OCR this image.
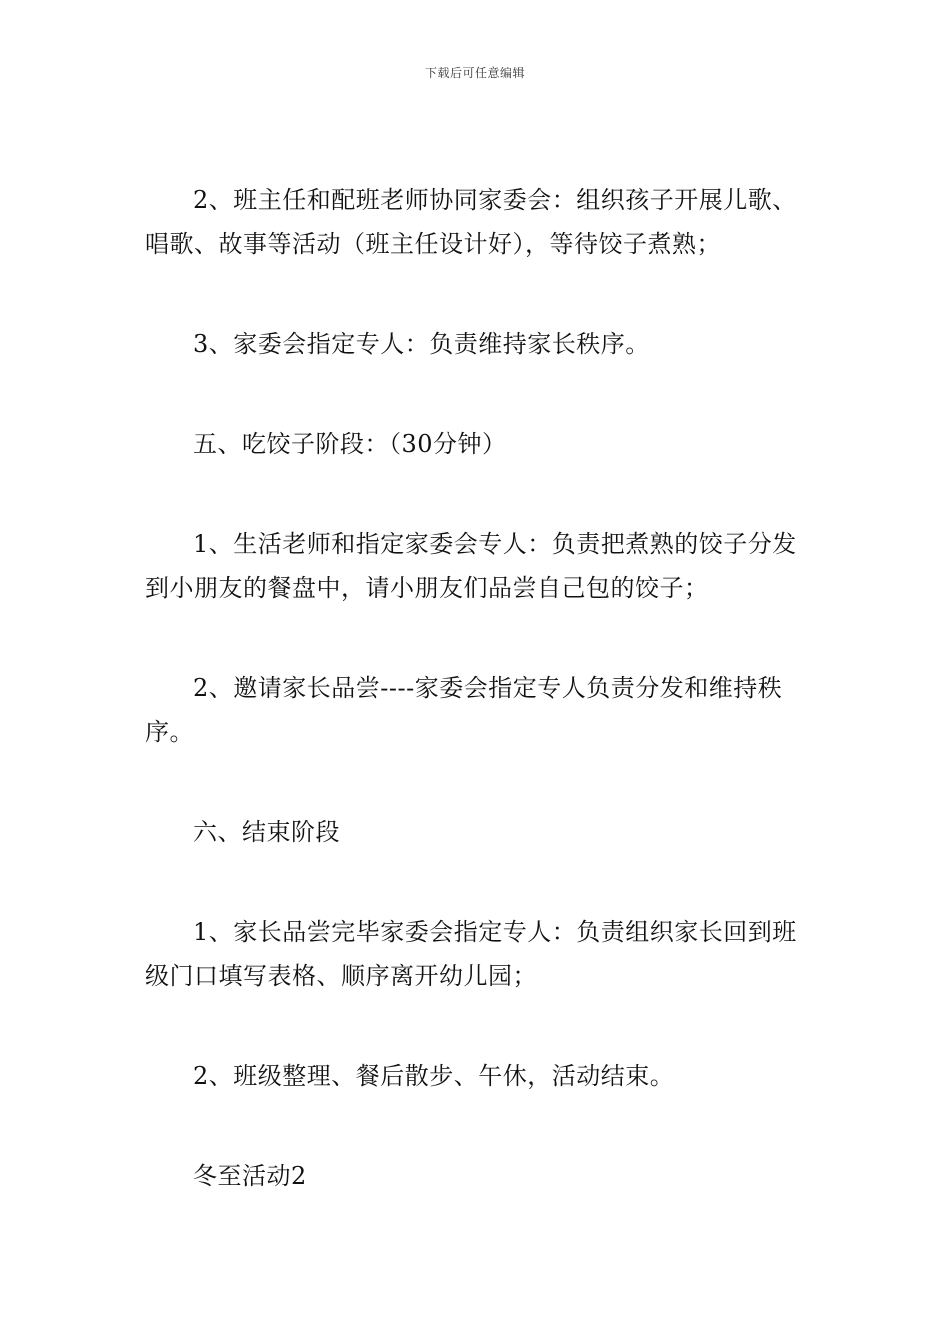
下载后可任意编辑

2、班主任和配班老师协同家委会：组织孩子开展儿歌、唱歌、故事等活动（班主任设计好），等待饺子煮熟；

3、家委会指定专人：负责维持家长秩序。

五、吃饺子阶段：（30分钟）

1、生活老师和指定家委会专人：负责把煮熟的饺子分发到小朋友的餐盘中，请小朋友们品尝自己包的饺子；

2、邀请家长品尝----家委会指定专人负责分发和维持秩序。

六、结束阶段

1、家长品尝完毕家委会指定专人：负责组织家长回到班级门口填写表格、顺序离开幼儿园；

2、班级整理、餐后散步、午休，活动结束。

冬至活动2
